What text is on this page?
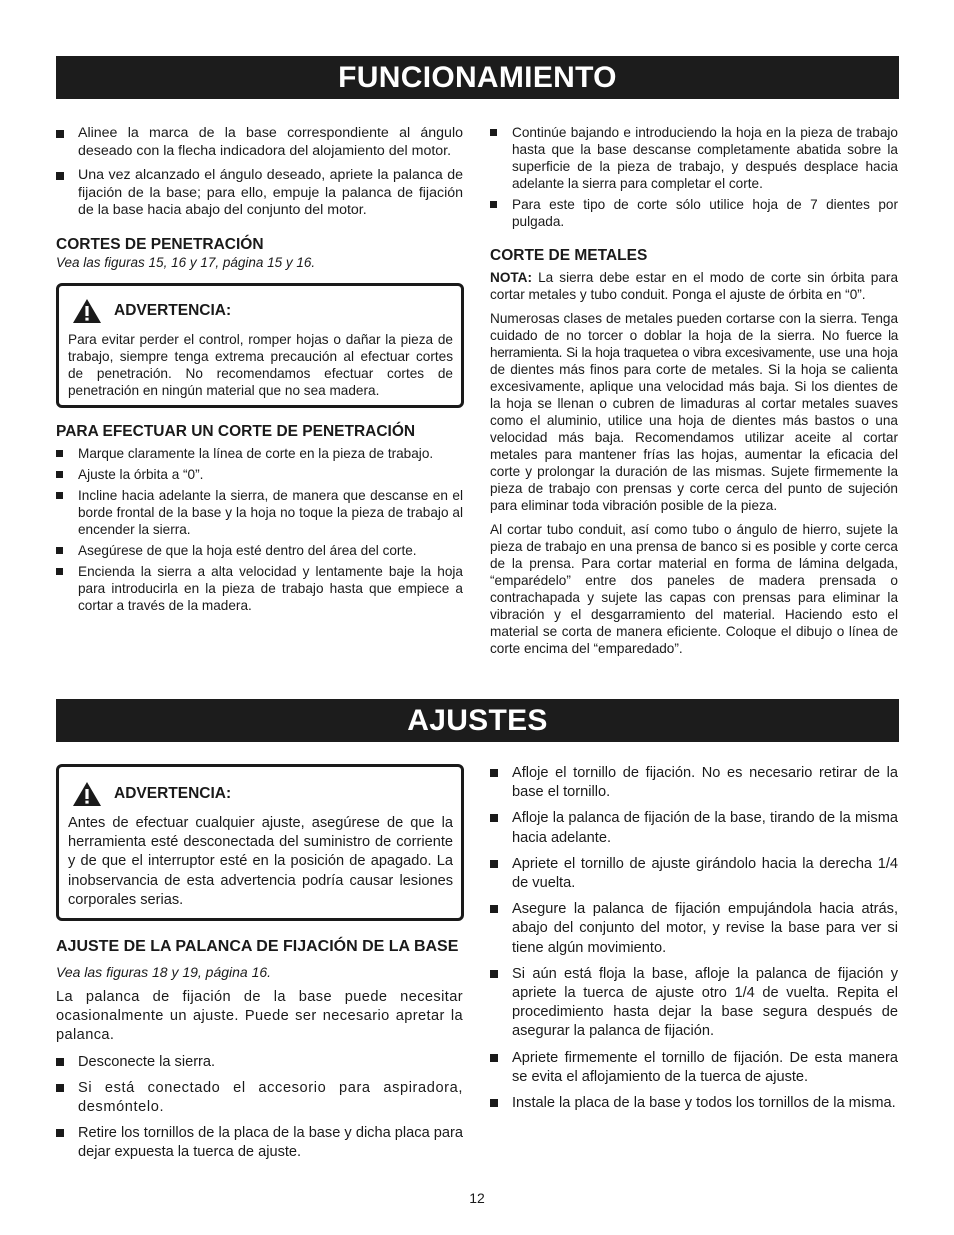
FUNCIONAMIENTO
Alinee la marca de la base correspondiente al ángulo deseado con la flecha indicadora del alojamiento del motor.
Una vez alcanzado el ángulo deseado, apriete la palanca de fijación de la base; para ello, empuje la palanca de fijación de la base hacia abajo del conjunto del motor.
CORTES DE PENETRACIÓN

Vea las figuras 15, 16 y 17, página 15 y 16.

ADVERTENCIA:

Para evitar perder el control, romper hojas o dañar la pieza de trabajo, siempre tenga extrema precaución al efectuar cortes de penetración. No recomendamos efectuar cortes de penetración en ningún material que no sea madera.

PARA EFECTUAR UN CORTE DE PENETRACIÓN
Marque claramente la línea de corte en la pieza de trabajo.
Ajuste la órbita a “0”.
Incline hacia adelante la sierra, de manera que descanse en el borde frontal de la base y la hoja no toque la pieza de trabajo al encender la sierra.
Asegúrese de que la hoja esté dentro del área del corte.
Encienda la sierra a alta velocidad y lentamente baje la hoja para introducirla en la pieza de trabajo hasta que empiece a cortar a través de la madera.
Continúe bajando e introduciendo la hoja en la pieza de trabajo hasta que la base descanse completamente abatida sobre la superficie de la pieza de trabajo, y después desplace hacia adelante la sierra para completar el corte.
Para este tipo de corte sólo utilice hoja de 7 dientes por pulgada.
CORTE DE METALES

NOTA: La sierra debe estar en el modo de corte sin órbita para cortar metales y tubo conduit. Ponga el ajuste de órbita en “0”.

Numerosas clases de metales pueden cortarse con la sierra. Tenga cuidado de no torcer o doblar la hoja de la sierra. No fuerce la herramienta. Si la hoja traquetea o vibra excesivamente, use una hoja de dientes más finos para corte de metales. Si la hoja se calienta excesivamente, aplique una velocidad más baja. Si los dientes de la hoja se llenan o cubren de limaduras al cortar metales suaves como el aluminio, utilice una hoja de dientes más bastos o una velocidad más baja. Recomendamos utilizar aceite al cortar metales para mantener frías las hojas, aumentar la eficacia del corte y prolongar la duración de las mismas. Sujete firmemente la pieza de trabajo con prensas y corte cerca del punto de sujeción para eliminar toda vibración posible de la pieza.

Al cortar tubo conduit, así como tubo o ángulo de hierro, sujete la pieza de trabajo en una prensa de banco si es posible y corte cerca de la prensa. Para cortar material en forma de lámina delgada, “emparédelo” entre dos paneles de madera prensada o contrachapada y sujete las capas con prensas para eliminar la vibración y el desgarramiento del material. Haciendo esto el material se corta de manera eficiente. Coloque el dibujo o línea de corte encima del “emparedado”.

AJUSTES
ADVERTENCIA:

Antes de efectuar cualquier ajuste, asegúrese de que la herramienta esté desconectada del suministro de corriente y de que el interruptor esté en la posición de apagado. La inobservancia de esta advertencia podría causar lesiones corporales serias.

AJUSTE DE LA PALANCA DE FIJACIÓN DE LA BASE

Vea las figuras 18 y 19, página 16.

La palanca de fijación de la base puede necesitar ocasionalmente un ajuste. Puede ser necesario apretar la palanca.

Desconecte la sierra.
Si está conectado el accesorio para aspiradora, desmóntelo.
Retire los tornillos de la placa de la base y dicha placa para dejar expuesta la tuerca de ajuste.
Afloje el tornillo de fijación. No es necesario retirar de la base el tornillo.
Afloje la palanca de fijación de la base, tirando de la misma hacia adelante.
Apriete el tornillo de ajuste girándolo hacia la derecha 1/4 de vuelta.
Asegure la palanca de fijación empujándola hacia atrás, abajo del conjunto del motor, y revise la base para ver si tiene algún movimiento.
Si aún está floja la base, afloje la palanca de fijación y apriete la tuerca de ajuste otro 1/4 de vuelta. Repita el procedimiento hasta dejar la base segura después de asegurar la palanca de fijación.
Apriete firmemente el tornillo de fijación. De esta manera se evita el aflojamiento de la tuerca de ajuste.
Instale la placa de la base y todos los tornillos de la misma.
12
